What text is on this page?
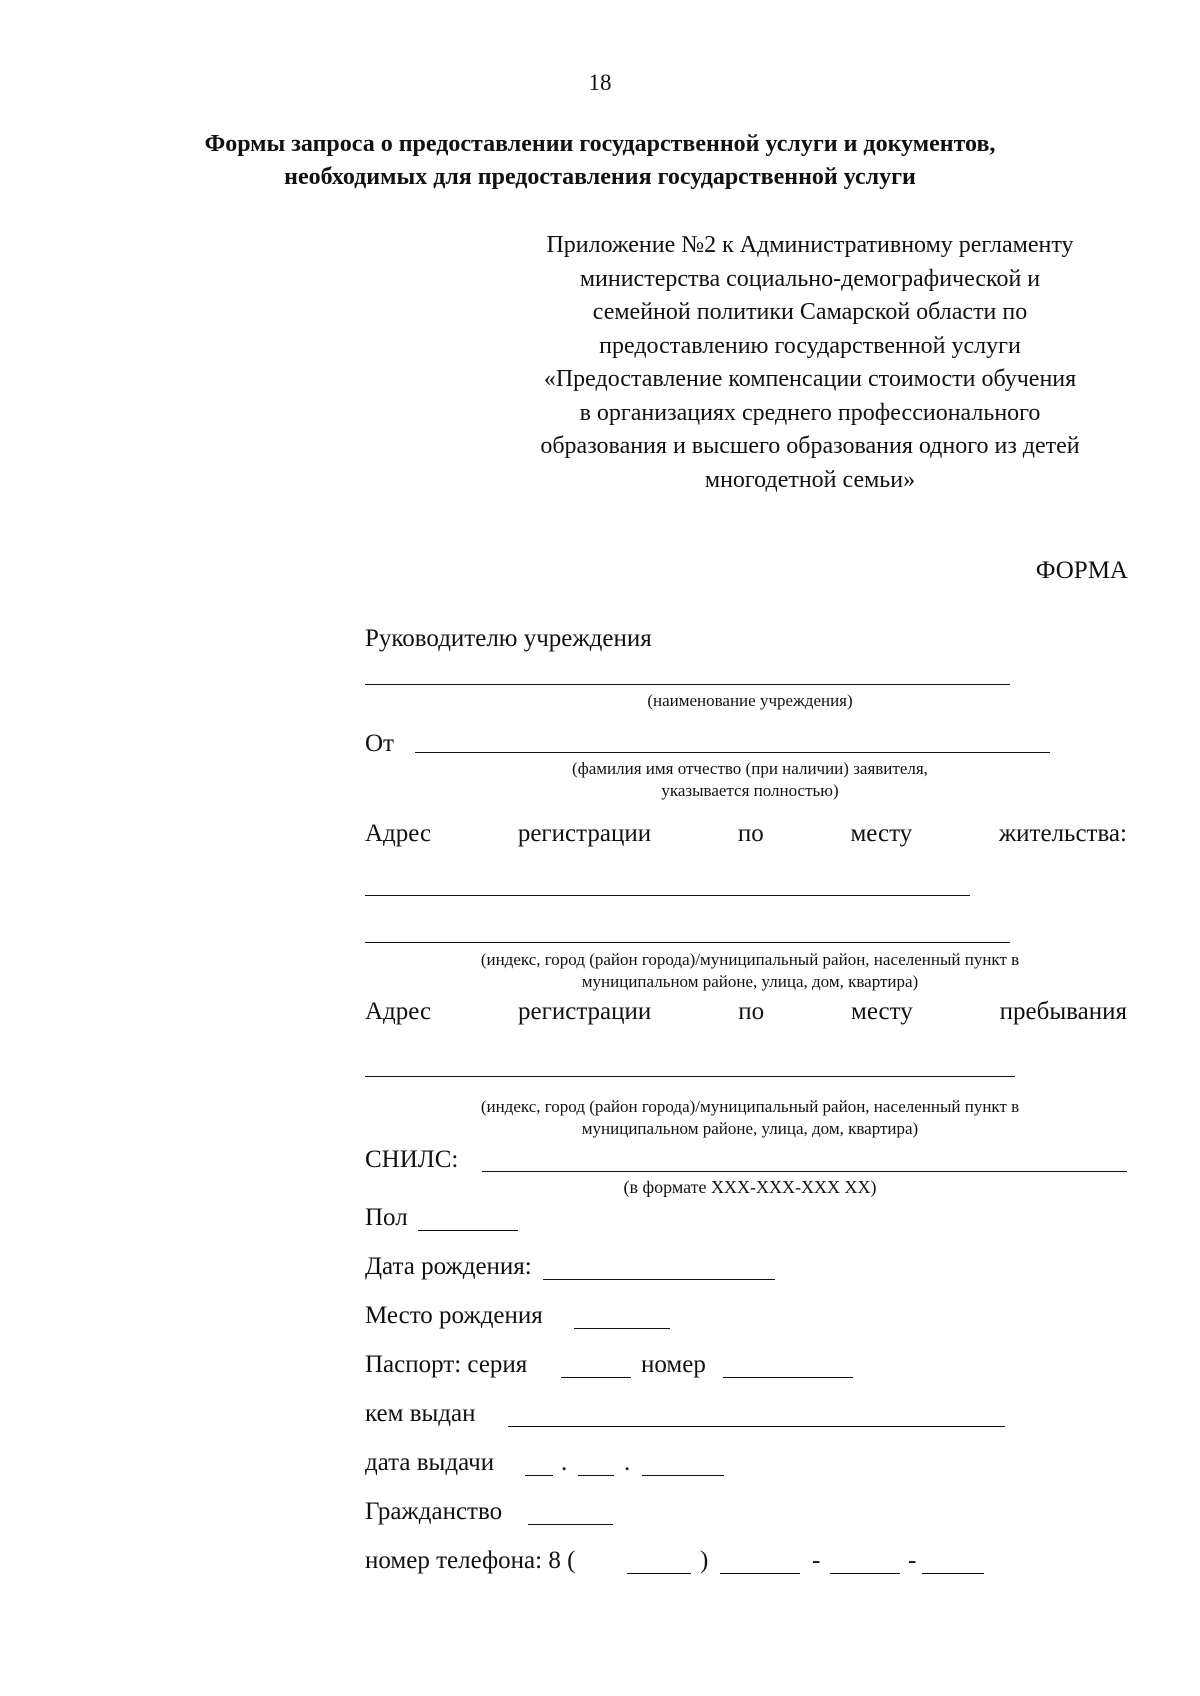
18
Формы запроса о предоставлении государственной услуги и документов,
необходимых для предоставления государственной услуги
Приложение №2 к Административному регламенту
министерства социально-демографической и
семейной политики Самарской области по
предоставлению государственной услуги
«Предоставление компенсации стоимости обучения
в организациях среднего профессионального
образования и высшего образования одного из детей
многодетной семьи»
ФОРМА
Руководителю учреждения
(наименование учреждения)
От
(фамилия имя отчество (при наличии) заявителя,
указывается полностью)
Адрес	регистрации	по	месту	жительства:
(индекс, город (район города)/муниципальный район, населенный пункт в
муниципальном районе, улица, дом, квартира)
Адрес	регистрации	по	месту	пребывания
(индекс, город (район города)/муниципальный район, населенный пункт в
муниципальном районе, улица, дом, квартира)
СНИЛС:
(в формате XXX-XXX-XXX XX)
Пол
Дата рождения:
Место рождения
Паспорт: серия	номер
кем выдан
дата выдачи	. .
Гражданство
номер телефона: 8 (	)	-	-
